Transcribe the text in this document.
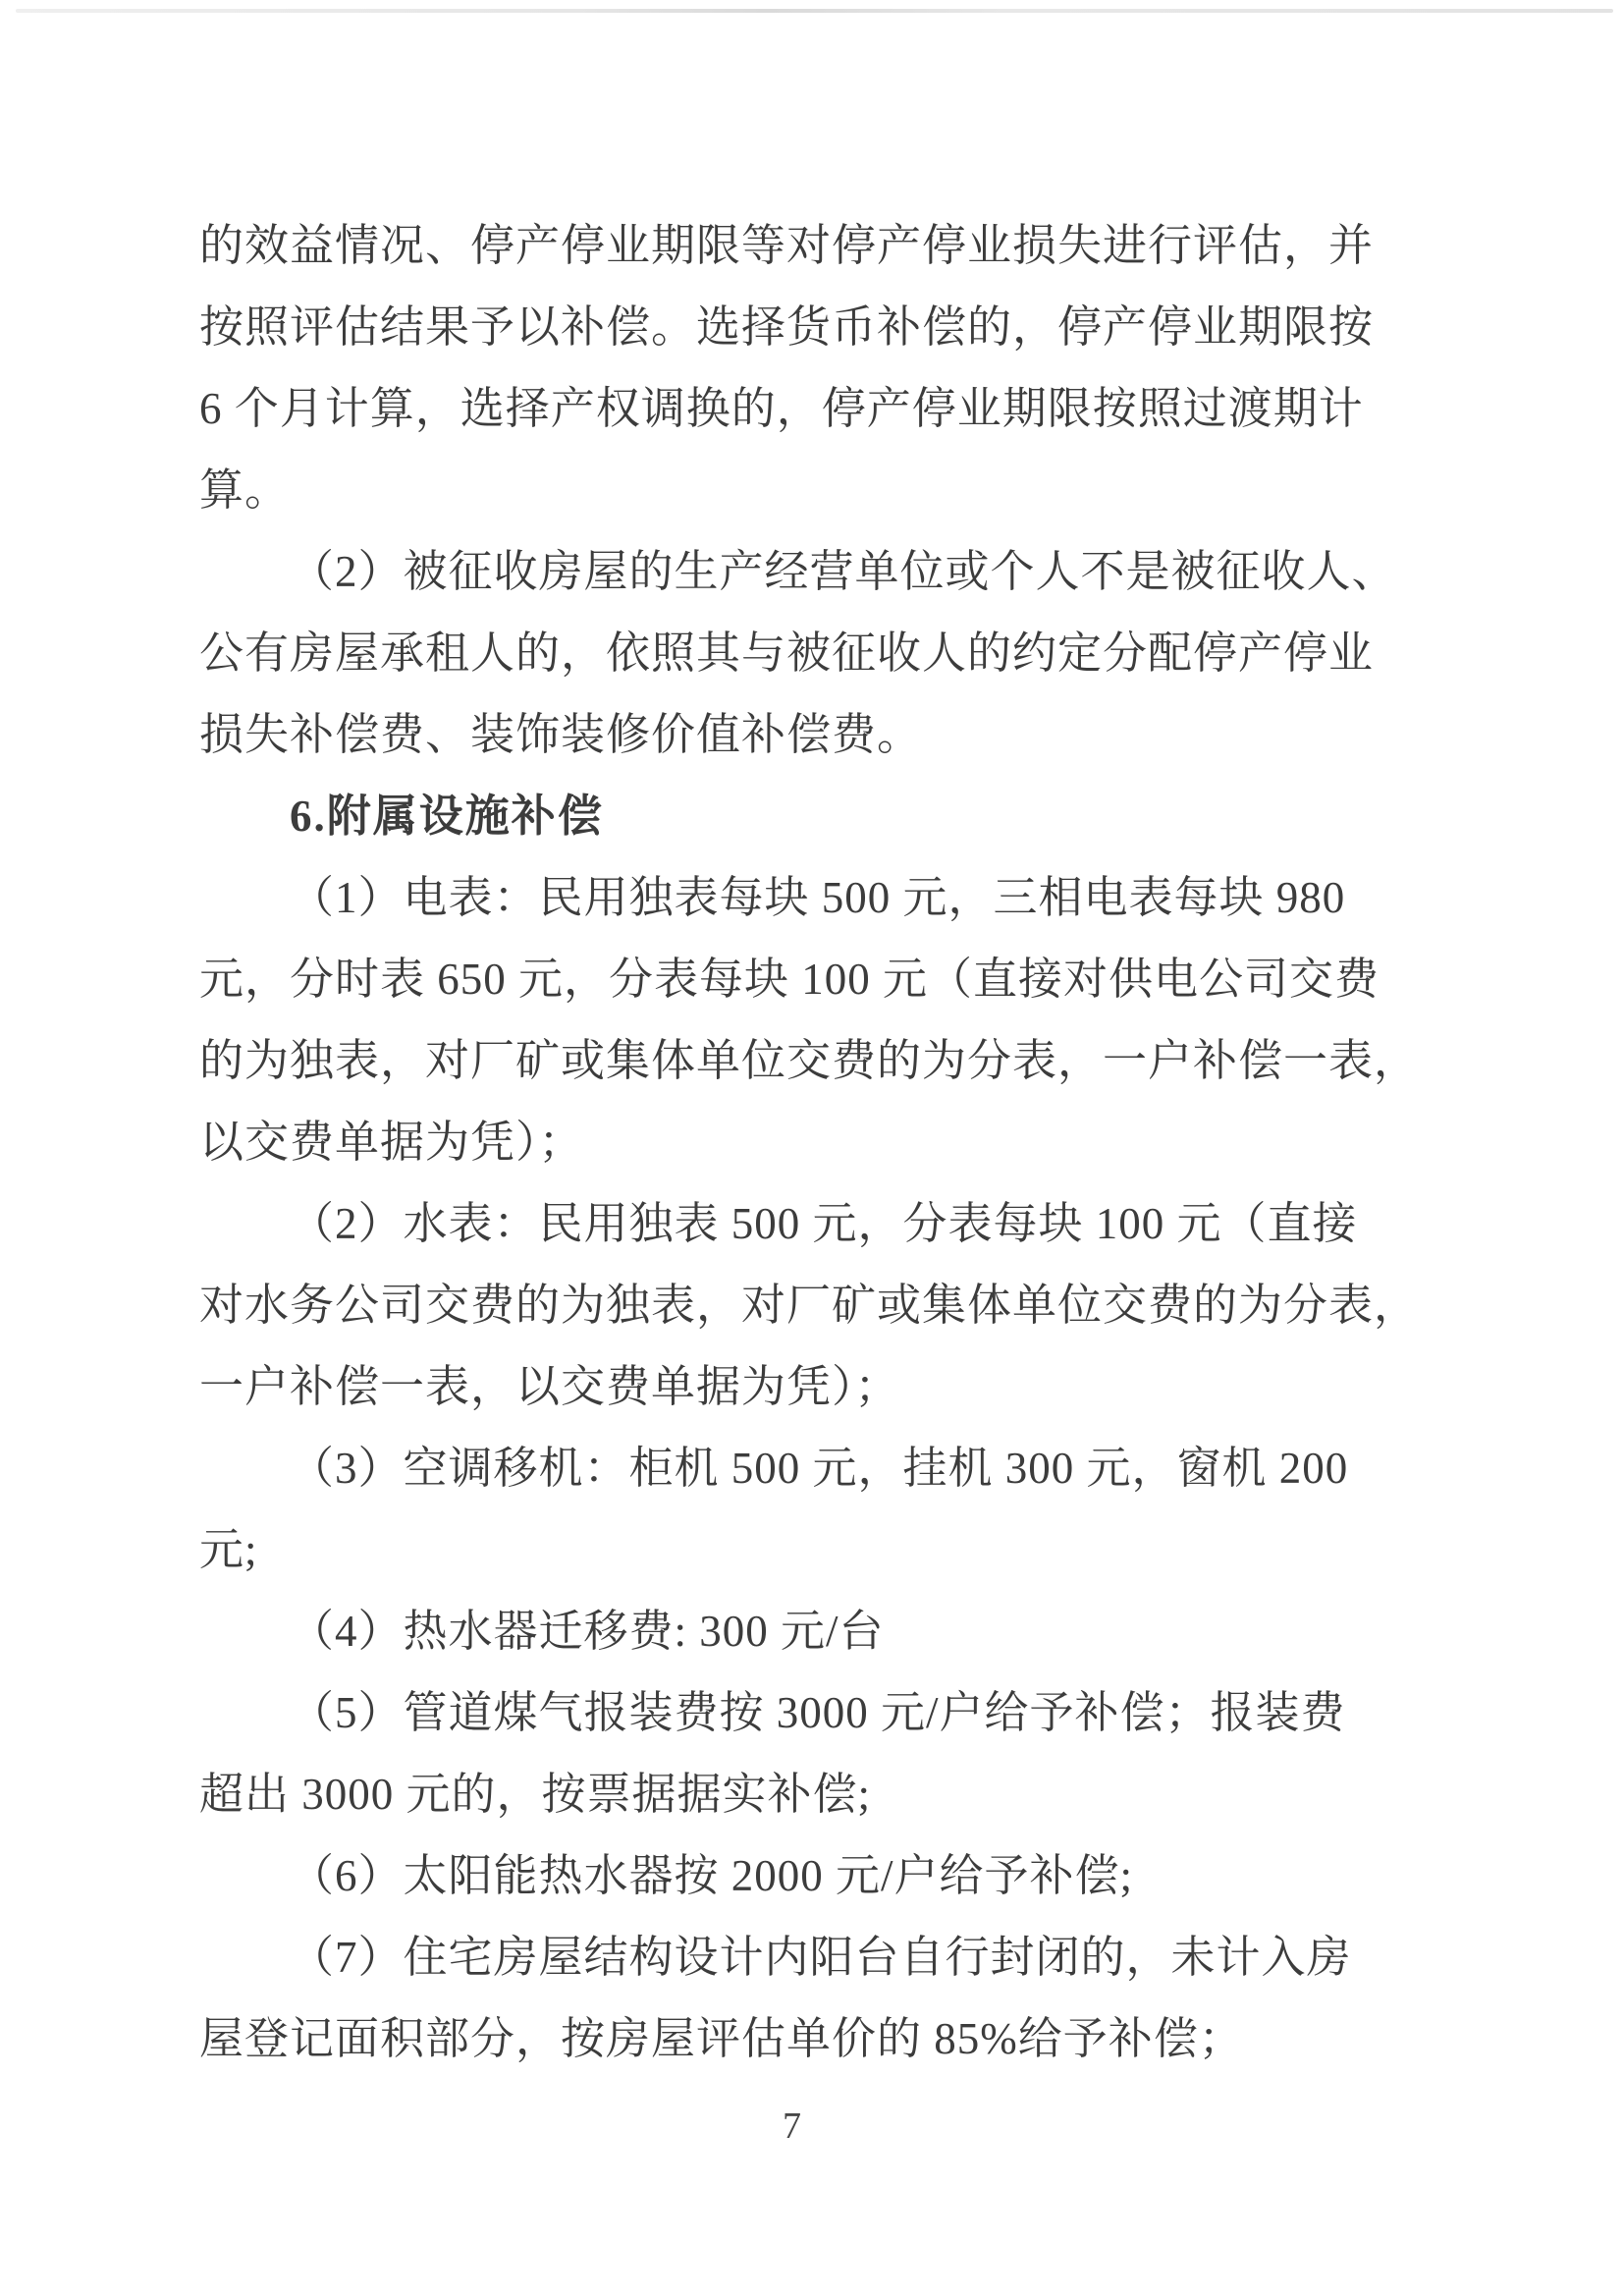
的效益情况、停产停业期限等对停产停业损失进行评估，并
按照评估结果予以补偿。选择货币补偿的，停产停业期限按
6 个月计算，选择产权调换的，停产停业期限按照过渡期计
算。
（2）被征收房屋的生产经营单位或个人不是被征收人、
公有房屋承租人的，依照其与被征收人的约定分配停产停业
损失补偿费、装饰装修价值补偿费。
6.附属设施补偿
（1）电表：民用独表每块 500 元，三相电表每块 980
元，分时表 650 元，分表每块 100 元（直接对供电公司交费
的为独表，对厂矿或集体单位交费的为分表，一户补偿一表，
以交费单据为凭）；
（2）水表：民用独表 500 元，分表每块 100 元（直接
对水务公司交费的为独表，对厂矿或集体单位交费的为分表，
一户补偿一表，以交费单据为凭）；
（3）空调移机：柜机 500 元，挂机 300 元，窗机 200
元;
（4）热水器迁移费: 300 元/台
（5）管道煤气报装费按 3000 元/户给予补偿；报装费
超出 3000 元的，按票据据实补偿;
（6）太阳能热水器按 2000 元/户给予补偿;
（7）住宅房屋结构设计内阳台自行封闭的，未计入房
屋登记面积部分，按房屋评估单价的 85%给予补偿；
7
